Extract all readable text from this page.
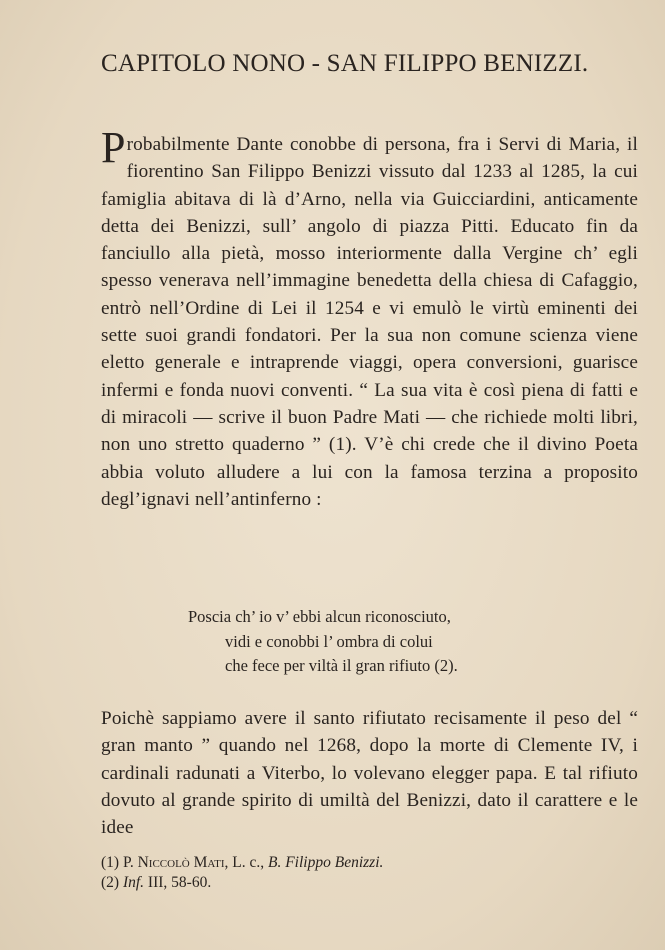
CAPITOLO NONO - SAN FILIPPO BENIZZI.
Probabilmente Dante conobbe di persona, fra i Servi di Maria, il fiorentino San Filippo Benizzi vissuto dal 1233 al 1285, la cui famiglia abitava di là d’Arno, nella via Guicciardini, anticamente detta dei Benizzi, sull’ angolo di piazza Pitti. Educato fin da fanciullo alla pietà, mosso interiormente dalla Vergine ch’ egli spesso venerava nell’immagine benedetta della chiesa di Cafaggio, entrò nell’Ordine di Lei il 1254 e vi emulò le virtù eminenti dei sette suoi grandi fondatori. Per la sua non comune scienza viene eletto generale e intraprende viaggi, opera conversioni, guarisce infermi e fonda nuovi conventi. “ La sua vita è così piena di fatti e di miracoli — scrive il buon Padre Mati — che richiede molti libri, non uno stretto quaderno ” (1). V’è chi crede che il divino Poeta abbia voluto alludere a lui con la famosa terzina a proposito degl’ignavi nell’antinferno :
Poscia ch’ io v’ ebbi alcun riconosciuto,
vidi e conobbi l’ ombra di colui
che fece per viltà il gran rifiuto (2).
Poichè sappiamo avere il santo rifiutato recisamente il peso del “ gran manto ” quando nel 1268, dopo la morte di Clemente IV, i cardinali radunati a Viterbo, lo volevano elegger papa. E tal rifiuto dovuto al grande spirito di umiltà del Benizzi, dato il carattere e le idee
(1) P. Niccolò Mati, L. c., B. Filippo Benizzi.
(2) Inf. III, 58-60.
